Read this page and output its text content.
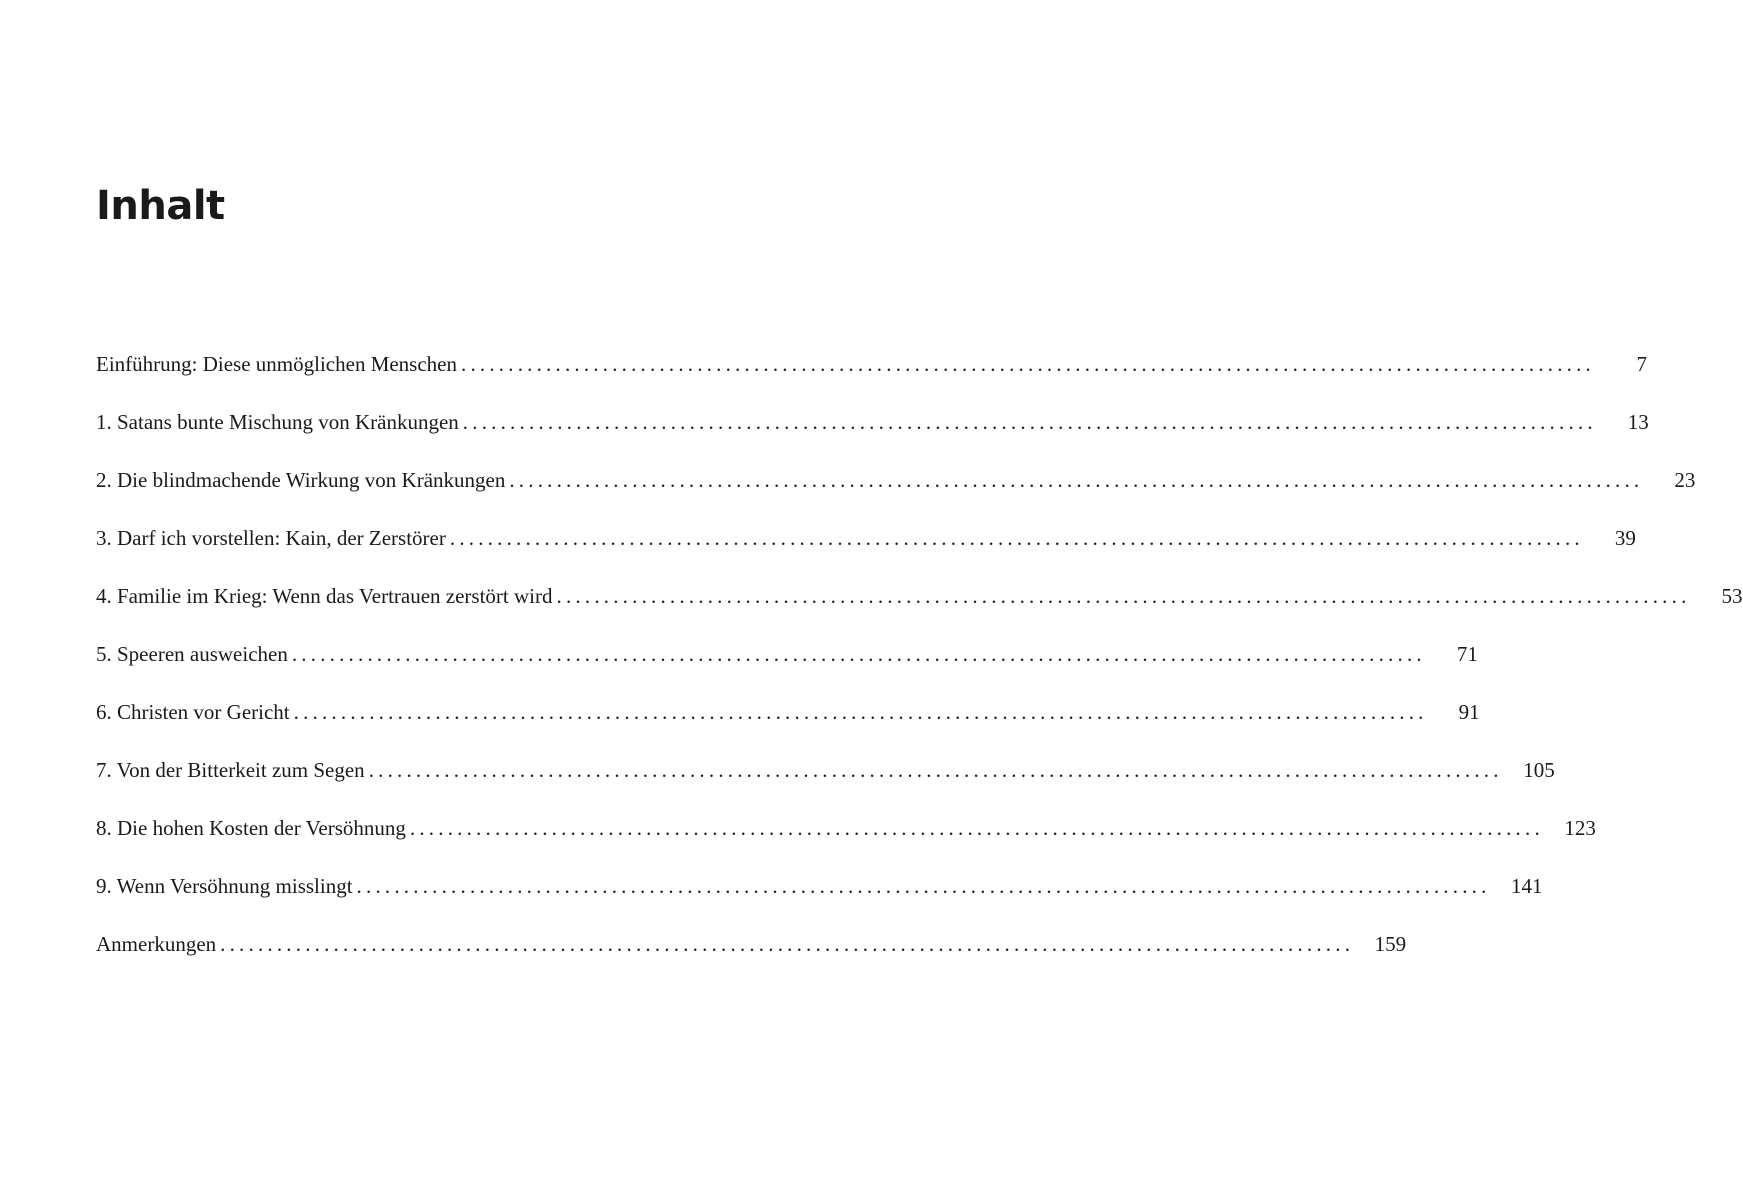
Inhalt
Einführung: Diese unmöglichen Menschen ........................................................................................................................	7
1. Satans bunte Mischung von Kränkungen ........................................................................................................................	13
2. Die blindmachende Wirkung von Kränkungen ........................................................................................................................	23
3. Darf ich vorstellen: Kain, der Zerstörer ........................................................................................................................	39
4. Familie im Krieg: Wenn das Vertrauen zerstört wird ........................................................................................................................	53
5. Speeren ausweichen ........................................................................................................................	71
6. Christen vor Gericht ........................................................................................................................	91
7. Von der Bitterkeit zum Segen ........................................................................................................................ 105
8. Die hohen Kosten der Versöhnung ........................................................................................................................ 123
9. Wenn Versöhnung misslingt ........................................................................................................................ 141
Anmerkungen ........................................................................................................................ 159
